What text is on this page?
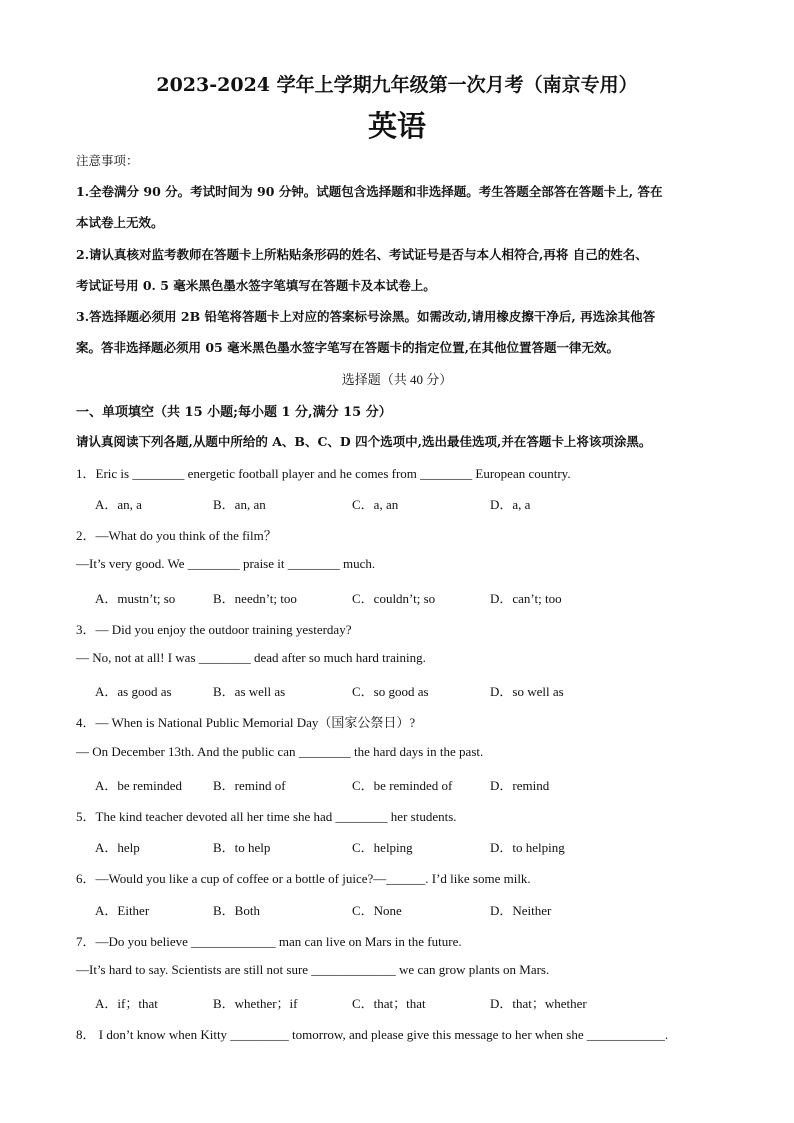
2023-2024 学年上学期九年级第一次月考（南京专用）
英语
注意事项：
1.全卷满分 90 分。考试时间为 90 分钟。试题包含选择题和非选择题。考生答题全部答在答题卡上, 答在
本试卷上无效。
2.请认真核对监考教师在答题卡上所粘贴条形码的姓名、考试证号是否与本人相符合,再将 自己的姓名、
考试证号用 0. 5 毫米黑色墨水签字笔填写在答题卡及本试卷上。
3.答选择题必须用 2B 铅笔将答题卡上对应的答案标号涂黑。如需改动,请用橡皮擦干净后, 再选涂其他答
案。答非选择题必须用 05 毫米黑色墨水签字笔写在答题卡的指定位置,在其他位置答题一律无效。
选择题（共 40 分）
一、单项填空（共 15 小题;每小题 1 分,满分 15 分）
请认真阅读下列各题,从题中所给的 A、B、C、D 四个选项中,选出最佳选项,并在答题卡上将该项涂黑。
1．Eric is ________ energetic football player and he comes from ________ European country.
A．an, a	B．an, an	C．a, an	D．a, a
2．—What do you think of the film？
—It’s very good. We ________ praise it ________ much.
A．mustn’t; so	B．needn’t; too	C．couldn’t; so	D．can’t; too
3．— Did you enjoy the outdoor training yesterday?
— No, not at all! I was ________ dead after so much hard training.
A．as good as	B．as well as	C．so good as	D．so well as
4．— When is National Public Memorial Day（国家公祭日）?
— On December 13th. And the public can ________ the hard days in the past.
A．be reminded B．remind of	C．be reminded of	D．remind
5．The kind teacher devoted all her time she had ________ her students.
A．help	B．to help	C．helping	D．to helping
6．—Would you like a cup of coffee or a bottle of juice?—______. I’d like some milk.
A．Either	B．Both	C．None	D．Neither
7．—Do you believe _____________ man can live on Mars in the future.
—It’s hard to say. Scientists are still not sure _____________ we can grow plants on Mars.
A．if；that	B．whether；if	C．that；that	D．that；whether
8． I don’t know when Kitty _________ tomorrow, and please give this message to her when she ____________.
